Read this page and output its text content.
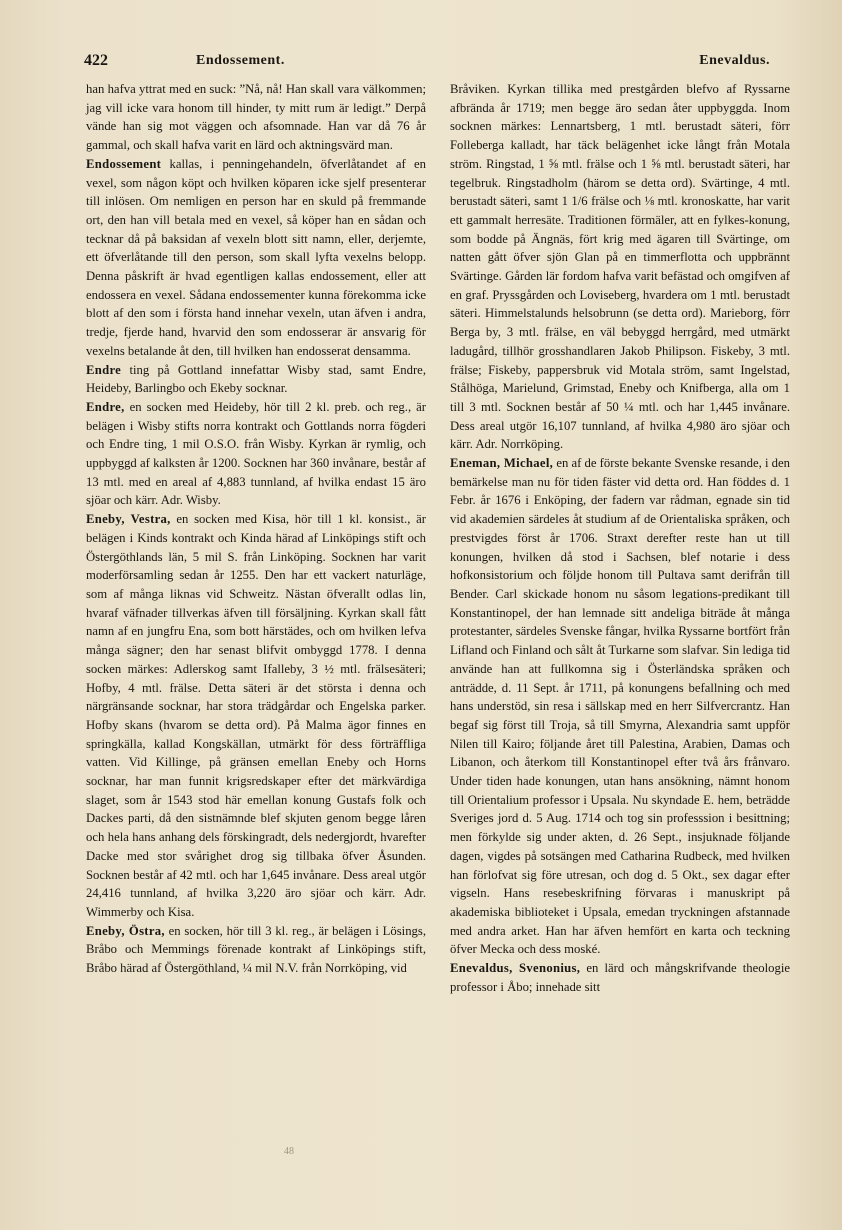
422	Endossement.	Enevaldus.

han hafva yttrat med en suck: ”Nå, nå! Han skall vara välkommen; jag vill icke vara honom till hinder, ty mitt rum är ledigt.” Derpå vände han sig mot väggen och afsomnade. Han var då 76 år gammal, och skall hafva varit en lärd och aktningsvärd man.

Endossement kallas, i penningehandeln, öfverlåtandet af en vexel, som någon köpt och hvilken köparen icke sjelf presenterar till inlösen. Om nemligen en person har en skuld på fremmande ort, den han vill betala med en vexel, så köper han en sådan och tecknar då på baksidan af vexeln blott sitt namn, eller, derjemte, ett öfverlåtande till den person, som skall lyfta vexelns belopp. Denna påskrift är hvad egentligen kallas endossement, eller att endossera en vexel. Sådana endossementer kunna förekomma icke blott af den som i första hand innehar vexeln, utan äfven i andra, tredje, fjerde hand, hvarvid den som endosserar är ansvarig för vexelns betalande åt den, till hvilken han endosserat densamma.

Endre ting på Gottland innefattar Wisby stad, samt Endre, Heideby, Barlingbo och Ekeby socknar.

Endre, en socken med Heideby, hör till 2 kl. preb. och reg., är belägen i Wisby stifts norra kontrakt och Gottlands norra fögderi och Endre ting, 1 mil O.S.O. från Wisby. Kyrkan är rymlig, och uppbyggd af kalksten år 1200. Socknen har 360 invånare, består af 13 mtl. med en areal af 4,883 tunnland, af hvilka endast 15 äro sjöar och kärr. Adr. Wisby.

Eneby, Vestra, en socken med Kisa, hör till 1 kl. konsist., är belägen i Kinds kontrakt och Kinda härad af Linköpings stift och Östergöthlands län, 5 mil S. från Linköping. Socknen har varit moderförsamling sedan år 1255. Den har ett vackert naturläge, som af många liknas vid Schweitz. Nästan öfverallt odlas lin, hvaraf väfnader tillverkas äfven till försäljning. Kyrkan skall fått namn af en jungfru Ena, som bott härstädes, och om hvilken lefva många sägner; den har senast blifvit ombyggd 1778. I denna socken märkes: Adlerskog samt Ifalleby, 3 ½ mtl. frälsesäteri; Hofby, 4 mtl. frälse. Detta säteri är det största i denna och närgränsande socknar, har stora trädgårdar och Engelska parker. Hofby skans (hvarom se detta ord). På Malma ägor finnes en springkälla, kallad Kongskällan, utmärkt för dess förträffliga vatten. Vid Killinge, på gränsen emellan Eneby och Horns socknar, har man funnit krigsredskaper efter det märkvärdiga slaget, som år 1543 stod här emellan konung Gustafs folk och Dackes parti, då den sistnämnde blef skjuten genom begge låren och hela hans anhang dels förskingradt, dels nedergjordt, hvarefter Dacke med stor svårighet drog sig tillbaka öfver Åsunden. Socknen består af 42 mtl. och har 1,645 invånare. Dess areal utgör 24,416 tunnland, af hvilka 3,220 äro sjöar och kärr. Adr. Wimmerby och Kisa.

Eneby, Östra, en socken, hör till 3 kl. reg., är belägen i Lösings, Bråbo och Memmings förenade kontrakt af Linköpings stift, Bråbo härad af Östergöthland, ¼ mil N.V. från Norrköping, vid

Bråviken. Kyrkan tillika med prestgården blefvo af Ryssarne afbrända år 1719; men begge äro sedan åter uppbyggda. Inom socknen märkes: Lennartsberg, 1 mtl. berustadt säteri, förr Folleberga kalladt, har täck belägenhet icke långt från Motala ström. Ringstad, 1 ⅝ mtl. frälse och 1 ⅝ mtl. berustadt säteri, har tegelbruk. Ringstadholm (härom se detta ord). Svärtinge, 4 mtl. berustadt säteri, samt 1 1/6 frälse och ⅛ mtl. kronoskatte, har varit ett gammalt herresäte. Traditionen förmäler, att en fylkes-konung, som bodde på Ängnäs, fört krig med ägaren till Svärtinge, om natten gått öfver sjön Glan på en timmerflotta och uppbrännt Svärtinge. Gården lär fordom hafva varit befästad och omgifven af en graf. Pryssgården och Loviseberg, hvardera om 1 mtl. berustadt säteri. Himmelstalunds helsobrunn (se detta ord). Marieborg, förr Berga by, 3 mtl. frälse, en väl bebyggd herrgård, med utmärkt ladugård, tillhör grosshandlaren Jakob Philipson. Fiskeby, 3 mtl. frälse; Fiskeby, pappersbruk vid Motala ström, samt Ingelstad, Stålhöga, Marielund, Grimstad, Eneby och Knifberga, alla om 1 till 3 mtl. Socknen består af 50 ¼ mtl. och har 1,445 invånare. Dess areal utgör 16,107 tunnland, af hvilka 4,980 äro sjöar och kärr. Adr. Norrköping.

Eneman, Michael, en af de förste bekante Svenske resande, i den bemärkelse man nu för tiden fäster vid detta ord. Han föddes d. 1 Febr. år 1676 i Enköping, der fadern var rådman, egnade sin tid vid akademien särdeles åt studium af de Orientaliska språken, och prestvigdes först år 1706. Straxt derefter reste han ut till konungen, hvilken då stod i Sachsen, blef notarie i dess hofkonsistorium och följde honom till Pultava samt derifrån till Bender. Carl skickade honom nu såsom legations-predikant till Konstantinopel, der han lemnade sitt andeliga biträde åt många protestanter, särdeles Svenske fångar, hvilka Ryssarne bortfört från Lifland och Finland och sålt åt Turkarne som slafvar. Sin lediga tid använde han att fullkomna sig i Österländska språken och anträdde, d. 11 Sept. år 1711, på konungens befallning och med hans understöd, sin resa i sällskap med en herr Silfvercrantz. Han begaf sig först till Troja, så till Smyrna, Alexandria samt uppför Nilen till Kairo; följande året till Palestina, Arabien, Damas och Libanon, och återkom till Konstantinopel efter två års frånvaro. Under tiden hade konungen, utan hans ansökning, nämnt honom till Orientalium professor i Upsala. Nu skyndade E. hem, beträdde Sveriges jord d. 5 Aug. 1714 och tog sin professsion i besittning; men förkylde sig under akten, d. 26 Sept., insjuknade följande dagen, vigdes på sotsängen med Catharina Rudbeck, med hvilken han förlofvat sig före utresan, och dog d. 5 Okt., sex dagar efter vigseln. Hans resebeskrifning förvaras i manuskript på akademiska biblioteket i Upsala, emedan tryckningen afstannade med andra arket. Han har äfven hemfört en karta och teckning öfver Mecka och dess moské.

Enevaldus, Svenonius, en lärd och mångskrifvande theologie professor i Åbo; innehade sitt

48
